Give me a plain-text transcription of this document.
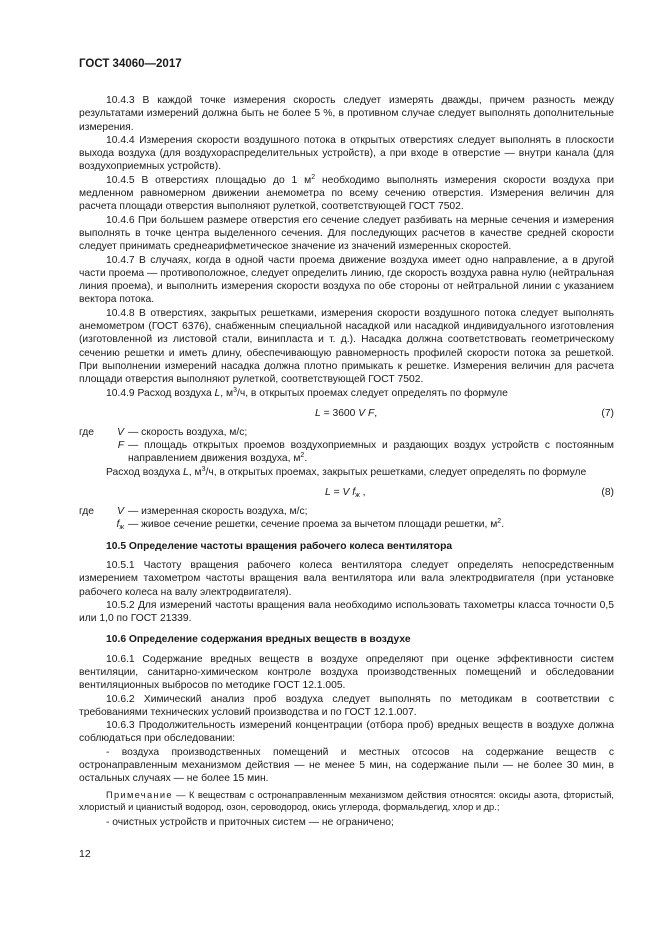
ГОСТ 34060—2017

10.4.3 В каждой точке измерения скорость следует измерять дважды, причем разность между результатами измерений должна быть не более 5 %, в противном случае следует выполнять дополнительные измерения.

10.4.4 Измерения скорости воздушного потока в открытых отверстиях следует выполнять в плоскости выхода воздуха (для воздухораспределительных устройств), а при входе в отверстие — внутри канала (для воздухоприемных устройств).

10.4.5 В отверстиях площадью до 1 $м^2$ необходимо выполнять измерения скорости воздуха при медленном равномерном движении анемометра по всему сечению отверстия. Измерения величин для расчета площади отверстия выполняют рулеткой, соответствующей ГОСТ 7502.

10.4.6 При большем размере отверстия его сечение следует разбивать на мерные сечения и измерения выполнять в точке центра выделенного сечения. Для последующих расчетов в качестве средней скорости следует принимать среднеарифметическое значение из значений измеренных скоростей.

10.4.7 В случаях, когда в одной части проема движение воздуха имеет одно направление, а в другой части проема — противоположное, следует определить линию, где скорость воздуха равна нулю (нейтральная линия проема), и выполнить измерения скорости воздуха по обе стороны от нейтральной линии с указанием вектора потока.

10.4.8 В отверстиях, закрытых решетками, измерения скорости воздушного потока следует выполнять анемометром (ГОСТ 6376), снабженным специальной насадкой или насадкой индивидуального изготовления (изготовленной из листовой стали, винипласта и т. д.). Насадка должна соответствовать геометрическому сечению решетки и иметь длину, обеспечивающую равномерность профилей скорости потока за решеткой. При выполнении измерений насадка должна плотно примыкать к решетке. Измерения величин для расчета площади отверстия выполняют рулеткой, соответствующей ГОСТ 7502.

10.4.9 Расход воздуха L, $м^3/ч$, в открытых проемах следует определять по формуле

L = 3600 V F,	(7)
где	V — скорость воздуха, м/с;
F — площадь открытых проемов воздухоприемных и раздающих воздух устройств с постоянным направлением движения воздуха, $м^2$.

Расход воздуха L, $м^3/ч$, в открытых проемах, закрытых решетками, следует определять по формуле

L = V $f_ж$ ,	(8)
где	V — измеренная скорость воздуха, м/с;
$f_ж$ — живое сечение решетки, сечение проема за вычетом площади решетки, $м^2$.

10.5 Определение частоты вращения рабочего колеса вентилятора

10.5.1 Частоту вращения рабочего колеса вентилятора следует определять непосредственным измерением тахометром частоты вращения вала вентилятора или вала электродвигателя (при установке рабочего колеса на валу электродвигателя).

10.5.2 Для измерений частоты вращения вала необходимо использовать тахометры класса точности 0,5 или 1,0 по ГОСТ 21339.

10.6 Определение содержания вредных веществ в воздухе

10.6.1 Содержание вредных веществ в воздухе определяют при оценке эффективности систем вентиляции, санитарно-химическом контроле воздуха производственных помещений и обследовании вентиляционных выбросов по методике ГОСТ 12.1.005.

10.6.2 Химический анализ проб воздуха следует выполнять по методикам в соответствии с требованиями технических условий производства и по ГОСТ 12.1.007.

10.6.3 Продолжительность измерений концентрации (отбора проб) вредных веществ в воздухе должна соблюдаться при обследовании:

- воздуха производственных помещений и местных отсосов на содержание веществ с остронаправленным механизмом действия — не менее 5 мин, на содержание пыли — не более 30 мин, в остальных случаях — не более 15 мин.

Примечание — К веществам с остронаправленным механизмом действия относятся: оксиды азота, фтористый, хлористый и цианистый водород, озон, сероводород, окись углерода, формальдегид, хлор и др.;

- очистных устройств и приточных систем — не ограничено;

12
